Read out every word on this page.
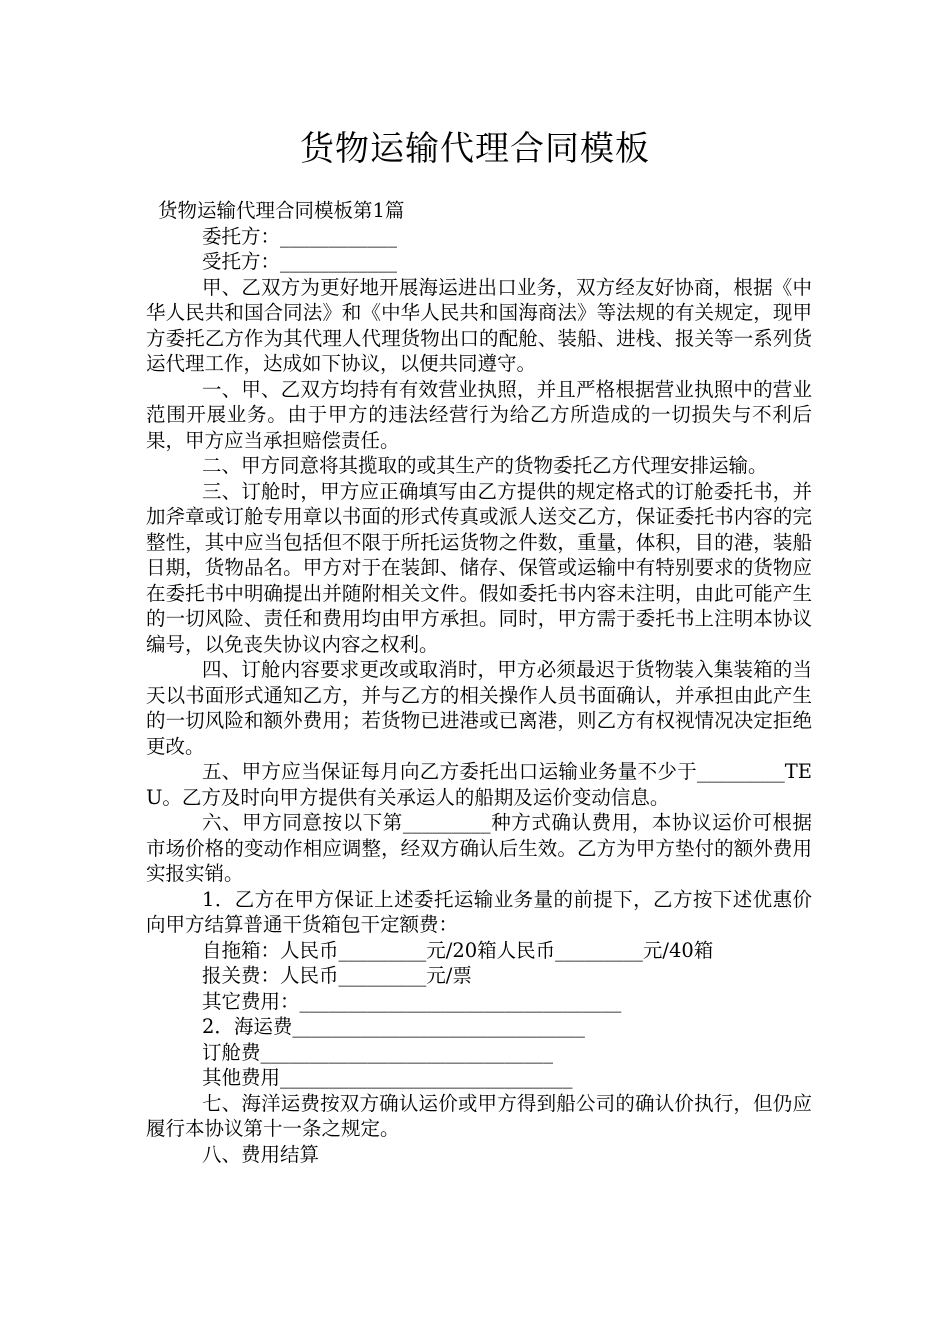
货物运输代理合同模板

货物运输代理合同模板第1篇

委托方：____________

受托方：____________

甲、乙双方为更好地开展海运进出口业务，双方经友好协商，根据《中华人民共和国合同法》和《中华人民共和国海商法》等法规的有关规定，现甲方委托乙方作为其代理人代理货物出口的配舱、装船、进栈、报关等一系列货运代理工作，达成如下协议，以便共同遵守。

一、甲、乙双方均持有有效营业执照，并且严格根据营业执照中的营业范围开展业务。由于甲方的违法经营行为给乙方所造成的一切损失与不利后果，甲方应当承担赔偿责任。

二、甲方同意将其揽取的或其生产的货物委托乙方代理安排运输。

三、订舱时，甲方应正确填写由乙方提供的规定格式的订舱委托书，并加斧章或订舱专用章以书面的形式传真或派人送交乙方，保证委托书内容的完整性，其中应当包括但不限于所托运货物之件数，重量，体积，目的港，装船日期，货物品名。甲方对于在装卸、储存、保管或运输中有特别要求的货物应在委托书中明确提出并随附相关文件。假如委托书内容未注明，由此可能产生的一切风险、责任和费用均由甲方承担。同时，甲方需于委托书上注明本协议编号，以免丧失协议内容之权利。

四、订舱内容要求更改或取消时，甲方必须最迟于货物装入集装箱的当天以书面形式通知乙方，并与乙方的相关操作人员书面确认，并承担由此产生的一切风险和额外费用；若货物已进港或已离港，则乙方有权视情况决定拒绝更改。

五、甲方应当保证每月向乙方委托出口运输业务量不少于_________TEU。乙方及时向甲方提供有关承运人的船期及运价变动信息。

六、甲方同意按以下第_________种方式确认费用，本协议运价可根据市场价格的变动作相应调整，经双方确认后生效。乙方为甲方垫付的额外费用实报实销。

1．乙方在甲方保证上述委托运输业务量的前提下，乙方按下述优惠价向甲方结算普通干货箱包干定额费：

自拖箱：人民币_________元/20箱人民币_________元/40箱

报关费：人民币_________元/票

其它费用：_________________________________

2．海运费______________________________

订舱费______________________________

其他费用______________________________

七、海洋运费按双方确认运价或甲方得到船公司的确认价执行，但仍应履行本协议第十一条之规定。

八、费用结算
